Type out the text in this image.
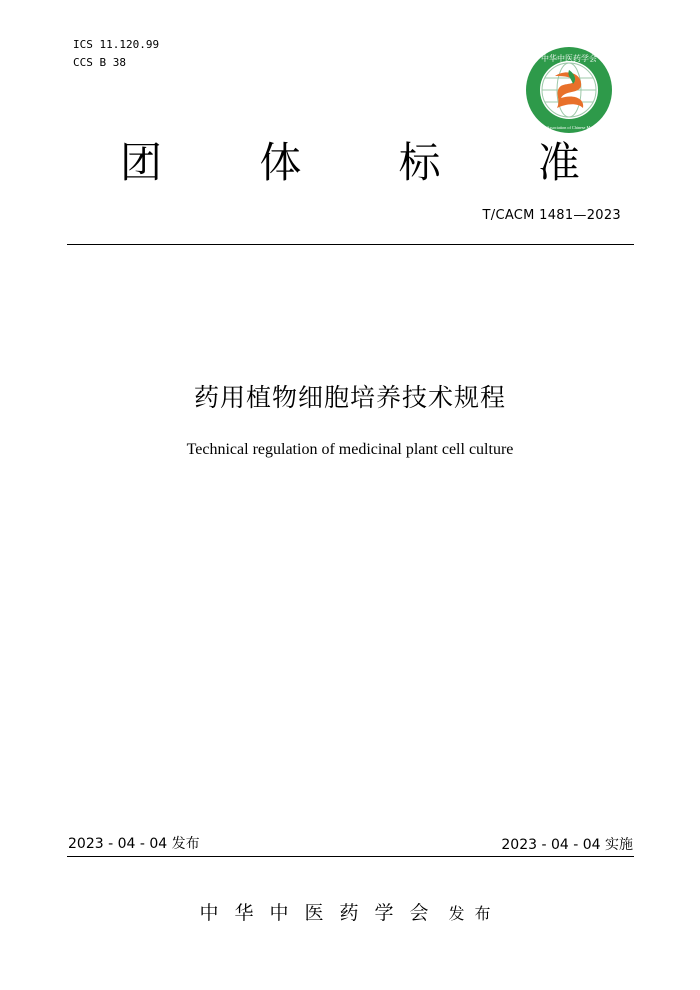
ICS 11.120.99
CCS B 38	中华中医药学会
China Association of Chinese Medicine
团 体 标 准
T/CACM 1481—2023
药用植物细胞培养技术规程
Technical regulation of medicinal plant cell culture
2023 - 04 - 04 发布	2023 - 04 - 04 实施
中华中医药学会 发布
